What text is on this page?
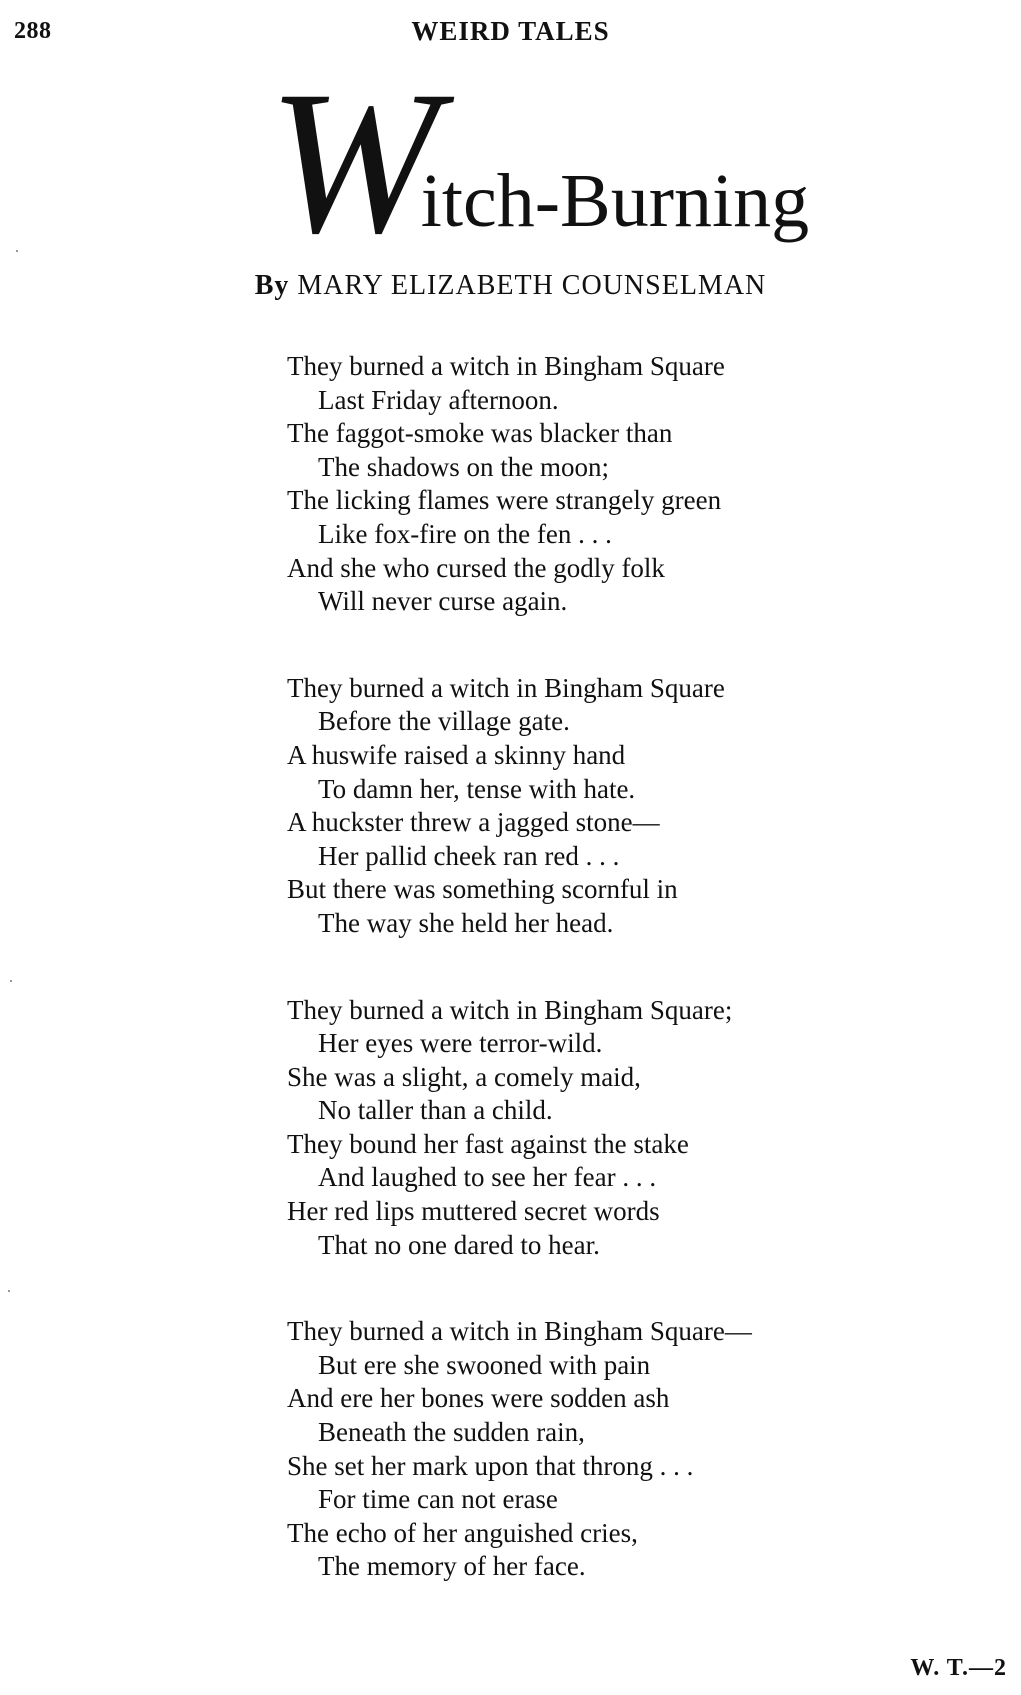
288	WEIRD TALES
Witch-Burning
By MARY ELIZABETH COUNSELMAN
They burned a witch in Bingham Square
Last Friday afternoon.
The faggot-smoke was blacker than
The shadows on the moon;
The licking flames were strangely green
Like fox-fire on the fen . . .
And she who cursed the godly folk
Will never curse again.
They burned a witch in Bingham Square
Before the village gate.
A huswife raised a skinny hand
To damn her, tense with hate.
A huckster threw a jagged stone—
Her pallid cheek ran red . . .
But there was something scornful in
The way she held her head.
They burned a witch in Bingham Square;
Her eyes were terror-wild.
She was a slight, a comely maid,
No taller than a child.
They bound her fast against the stake
And laughed to see her fear . . .
Her red lips muttered secret words
That no one dared to hear.
They burned a witch in Bingham Square—
But ere she swooned with pain
And ere her bones were sodden ash
Beneath the sudden rain,
She set her mark upon that throng . . .
For time can not erase
The echo of her anguished cries,
The memory of her face.
W. T.—2
